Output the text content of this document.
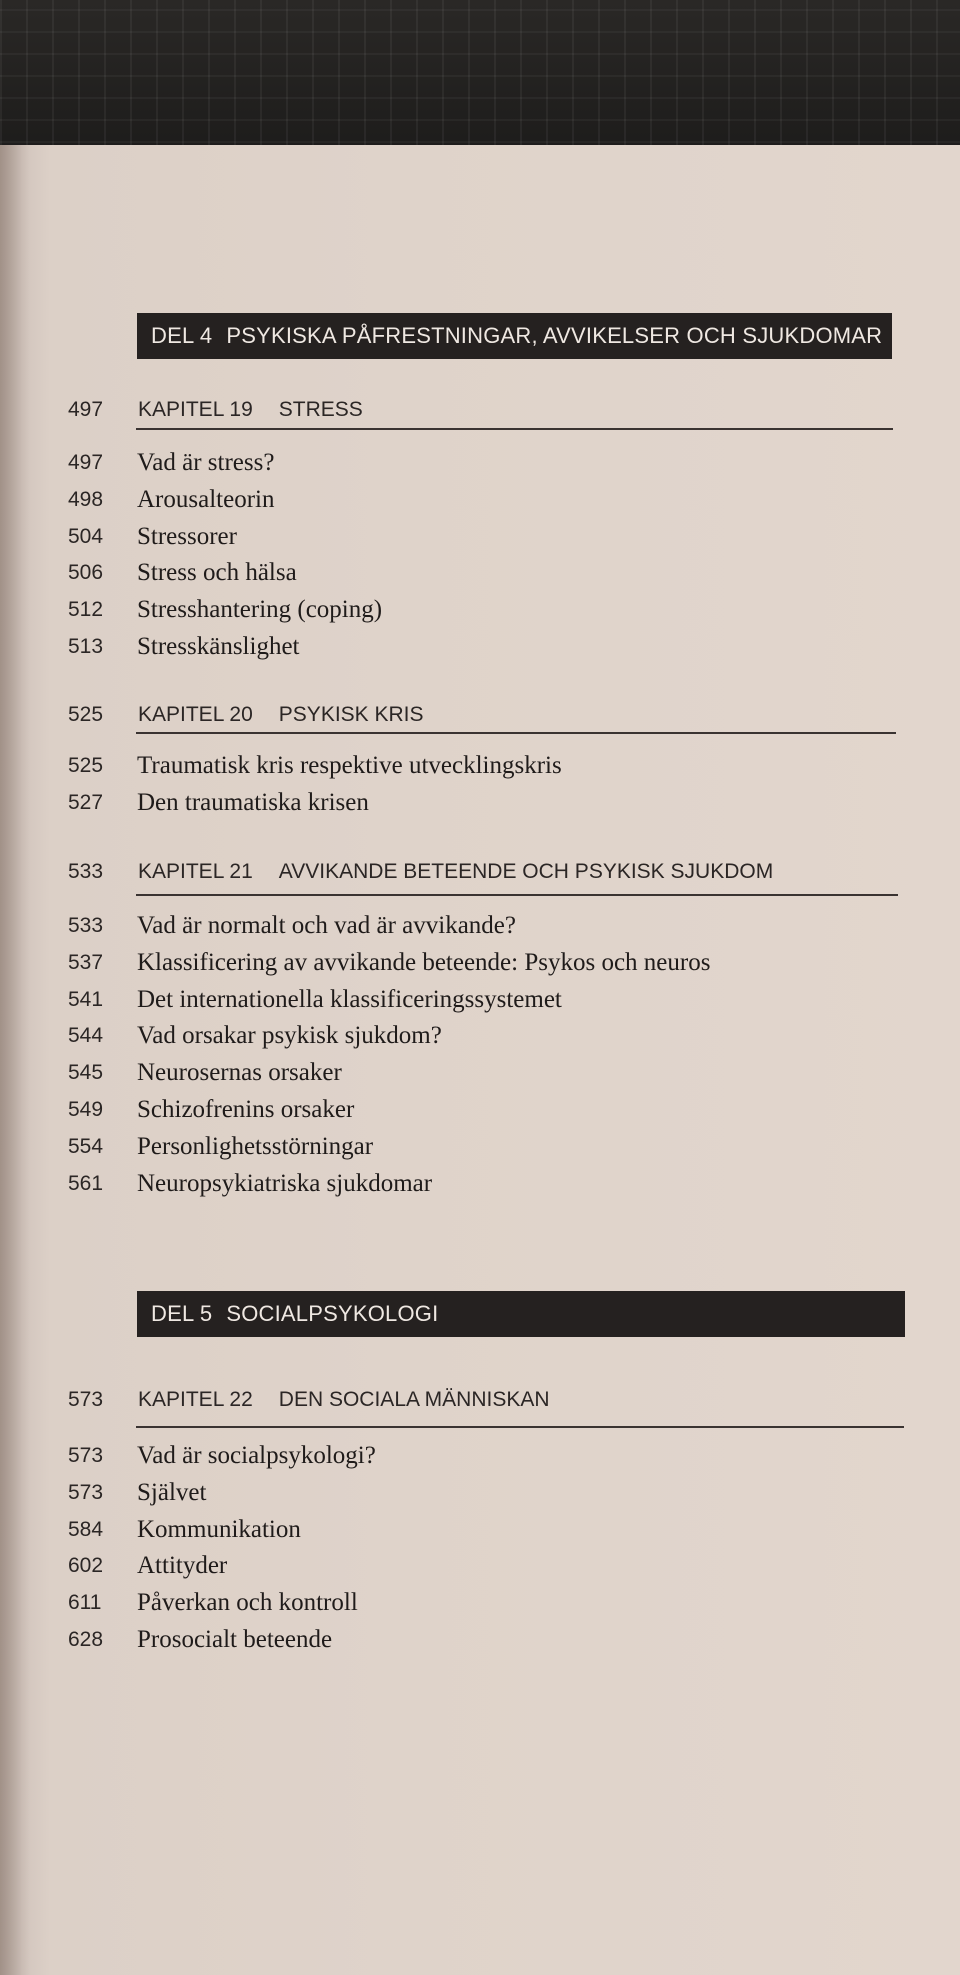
DEL 4 PSYKISKA PÅFRESTNINGAR, AVVIKELSER OCH SJUKDOMAR
497	KAPITEL 19 STRESS
497 Vad är stress?
498 Arousalteorin
504 Stressorer
506 Stress och hälsa
512 Stresshantering (coping)
513 Stresskänslighet
525	KAPITEL 20 PSYKISK KRIS
525 Traumatisk kris respektive utvecklingskris
527 Den traumatiska krisen
533	KAPITEL 21 AVVIKANDE BETEENDE OCH PSYKISK SJUKDOM
533 Vad är normalt och vad är avvikande?
537 Klassificering av avvikande beteende: Psykos och neuros
541 Det internationella klassificeringssystemet
544 Vad orsakar psykisk sjukdom?
545 Neurosernas orsaker
549 Schizofrenins orsaker
554 Personlighetsstörningar
561 Neuropsykiatriska sjukdomar
DEL 5 SOCIALPSYKOLOGI
573	KAPITEL 22 DEN SOCIALA MÄNNISKAN
573 Vad är socialpsykologi?
573 Självet
584 Kommunikation
602 Attityder
611 Påverkan och kontroll
628 Prosocialt beteende
